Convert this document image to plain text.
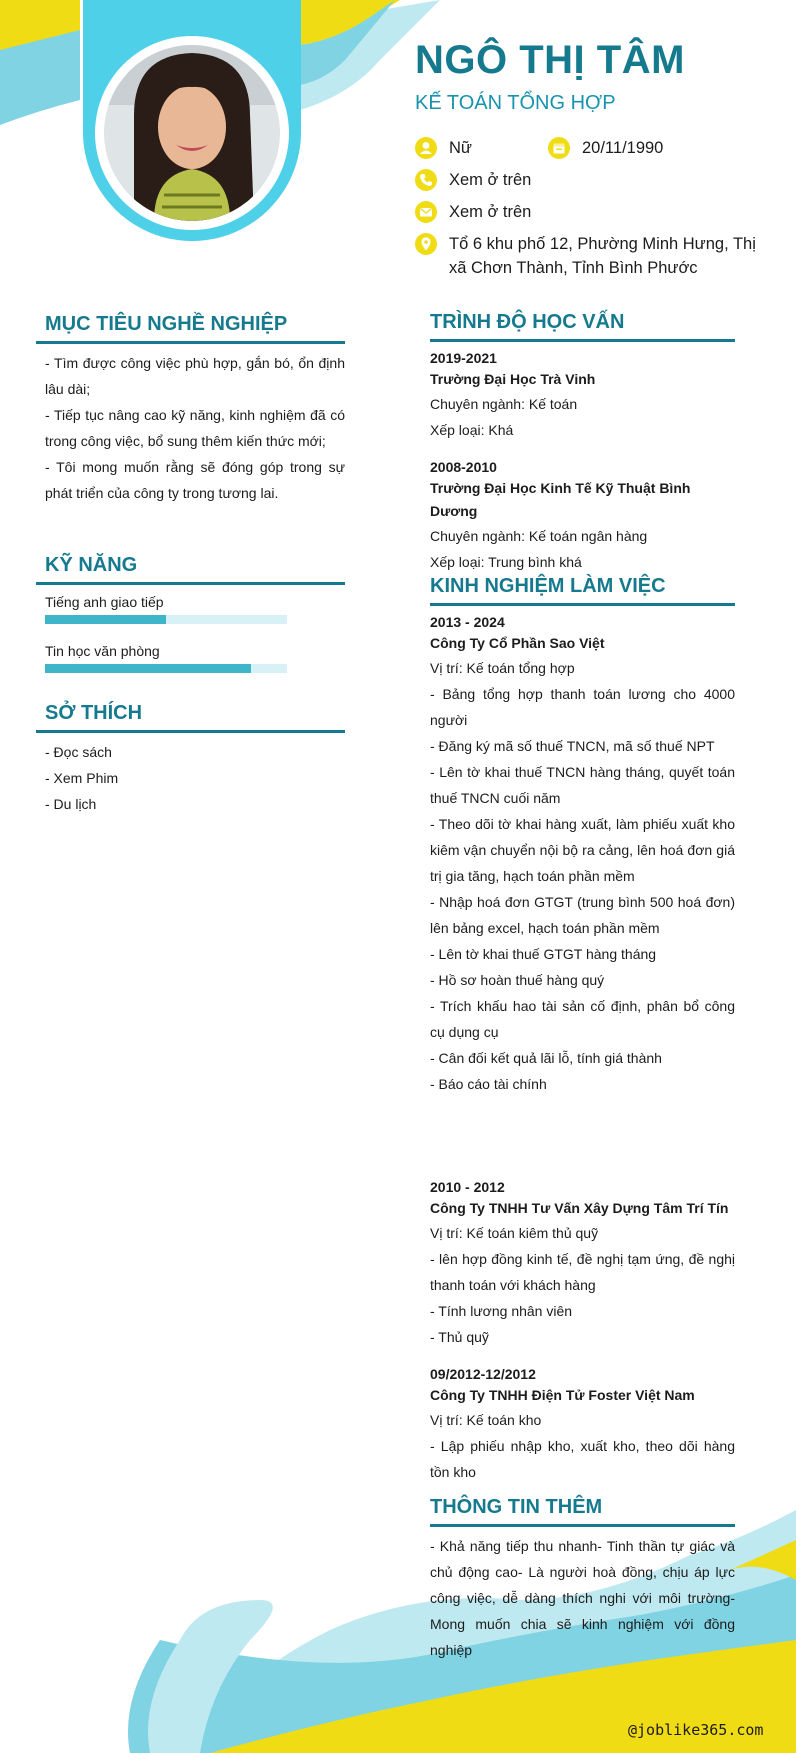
NGÔ THỊ TÂM
KẾ TOÁN TỔNG HỢP
Nữ	20/11/1990
Xem ở trên
Xem ở trên
Tổ 6 khu phố 12, Phường Minh Hưng, Thị xã Chơn Thành, Tỉnh Bình Phước
MỤC TIÊU NGHỀ NGHIỆP

- Tìm được công việc phù hợp, gắn bó, ổn định lâu dài;
- Tiếp tục nâng cao kỹ năng, kinh nghiệm đã có trong công việc, bổ sung thêm kiến thức mới;
- Tôi mong muốn rằng sẽ đóng góp trong sự phát triển của công ty trong tương lai.

KỸ NĂNG
Tiếng anh giao tiếp
Tin học văn phòng
SỞ THÍCH
- Đọc sách
- Xem Phim
- Du lịch
TRÌNH ĐỘ HỌC VẤN
2019-2021
Trường Đại Học Trà Vinh
Chuyên ngành: Kế toán
Xếp loại: Khá
2008-2010
Trường Đại Học Kinh Tế Kỹ Thuật Bình Dương
Chuyên ngành: Kế toán ngân hàng
Xếp loại: Trung bình khá
KINH NGHIỆM LÀM VIỆC
2013 - 2024
Công Ty Cổ Phần Sao Việt
Vị trí: Kế toán tổng hợp

- Bảng tổng hợp thanh toán lương cho 4000 người

- Đăng ký mã số thuế TNCN, mã số thuế NPT

- Lên tờ khai thuế TNCN hàng tháng, quyết toán thuế TNCN cuối năm

- Theo dõi tờ khai hàng xuất, làm phiếu xuất kho kiêm vận chuyển nội bộ ra cảng, lên hoá đơn giá trị gia tăng, hạch toán phần mềm

- Nhập hoá đơn GTGT (trung bình 500 hoá đơn) lên bảng excel, hạch toán phần mềm

- Lên tờ khai thuế GTGT hàng tháng

- Hồ sơ hoàn thuế hàng quý

- Trích khấu hao tài sản cố định, phân bổ công cụ dụng cụ

- Cân đối kết quả lãi lỗ, tính giá thành

- Báo cáo tài chính

2010 - 2012
Công Ty TNHH Tư Vấn Xây Dựng Tâm Trí Tín
Vị trí: Kế toán kiêm thủ quỹ

- lên hợp đồng kinh tế, đề nghị tạm ứng, đề nghị thanh toán với khách hàng

- Tính lương nhân viên

- Thủ quỹ

09/2012-12/2012
Công Ty TNHH Điện Tử Foster Việt Nam
Vị trí: Kế toán kho

- Lập phiếu nhập kho, xuất kho, theo dõi hàng tồn kho

THÔNG TIN THÊM

- Khả năng tiếp thu nhanh- Tinh thần tự giác và chủ động cao- Là người hoà đồng, chịu áp lực công việc, dễ dàng thích nghi với môi trường- Mong muốn chia sẽ kinh nghiệm với đồng nghiệp

@joblike365.com
